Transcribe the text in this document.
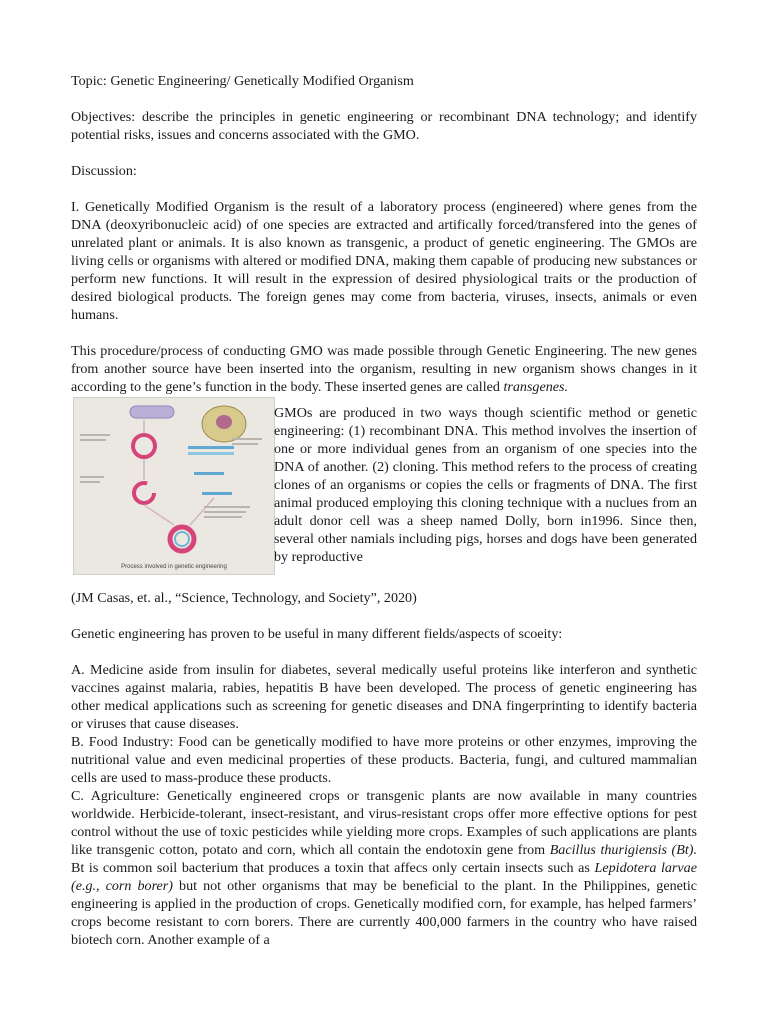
Topic: Genetic Engineering/ Genetically Modified Organism

Objectives: describe the principles in genetic engineering or recombinant DNA technology; and identify potential risks, issues and concerns associated with the GMO.

Discussion:

I. Genetically Modified Organism is the result of a laboratory process (engineered) where genes from the DNA (deoxyribonucleic acid) of one species are extracted and artifically forced/transfered into the genes of unrelated plant or animals. It is also known as transgenic, a product of genetic engineering. The GMOs are living cells or organisms with altered or modified DNA, making them capable of producing new substances or perform new functions. It will result in the expression of desired physiological traits or the production of desired biological products. The foreign genes may come from bacteria, viruses, insects, animals or even humans.

This procedure/process of conducting GMO was made possible through Genetic Engineering. The new genes from another source have been inserted into the organism, resulting in new organism shows changes in it according to the gene’s function in the body. These inserted genes are called transgenes.

Process involved in genetic engineering

GMOs are produced in two ways though scientific method or genetic engineering: (1) recombinant DNA. This method involves the insertion of one or more individual genes from an organism of one species into the DNA of another. (2) cloning. This method refers to the process of creating clones of an organisms or copies the cells or fragments of DNA. The first animal produced employing this cloning technique with a nuclues from an adult donor cell was a sheep named Dolly, born in1996. Since then, several other namials including pigs, horses and dogs have been generated by reproductive

(JM Casas, et. al., “Science, Technology, and Society”, 2020)

Genetic engineering has proven to be useful in many different fields/aspects of scoeity:

A. Medicine aside from insulin for diabetes, several medically useful proteins like interferon and synthetic vaccines against malaria, rabies, hepatitis B have been developed. The process of genetic engineering has other medical applications such as screening for genetic diseases and DNA fingerprinting to identify bacteria or viruses that cause diseases.

B. Food Industry: Food can be genetically modified to have more proteins or other enzymes, improving the nutritional value and even medicinal properties of these products. Bacteria, fungi, and cultured mammalian cells are used to mass-produce these products.

C. Agriculture: Genetically engineered crops or transgenic plants are now available in many countries worldwide. Herbicide-tolerant, insect-resistant, and virus-resistant crops offer more effective options for pest control without the use of toxic pesticides while yielding more crops. Examples of such applications are plants like transgenic cotton, potato and corn, which all contain the endotoxin gene from Bacillus thurigiensis (Bt). Bt is common soil bacterium that produces a toxin that affecs only certain insects such as Lepidotera larvae (e.g., corn borer) but not other organisms that may be beneficial to the plant. In the Philippines, genetic engineering is applied in the production of crops. Genetically modified corn, for example, has helped farmers’ crops become resistant to corn borers. There are currently 400,000 farmers in the country who have raised biotech corn. Another example of a
